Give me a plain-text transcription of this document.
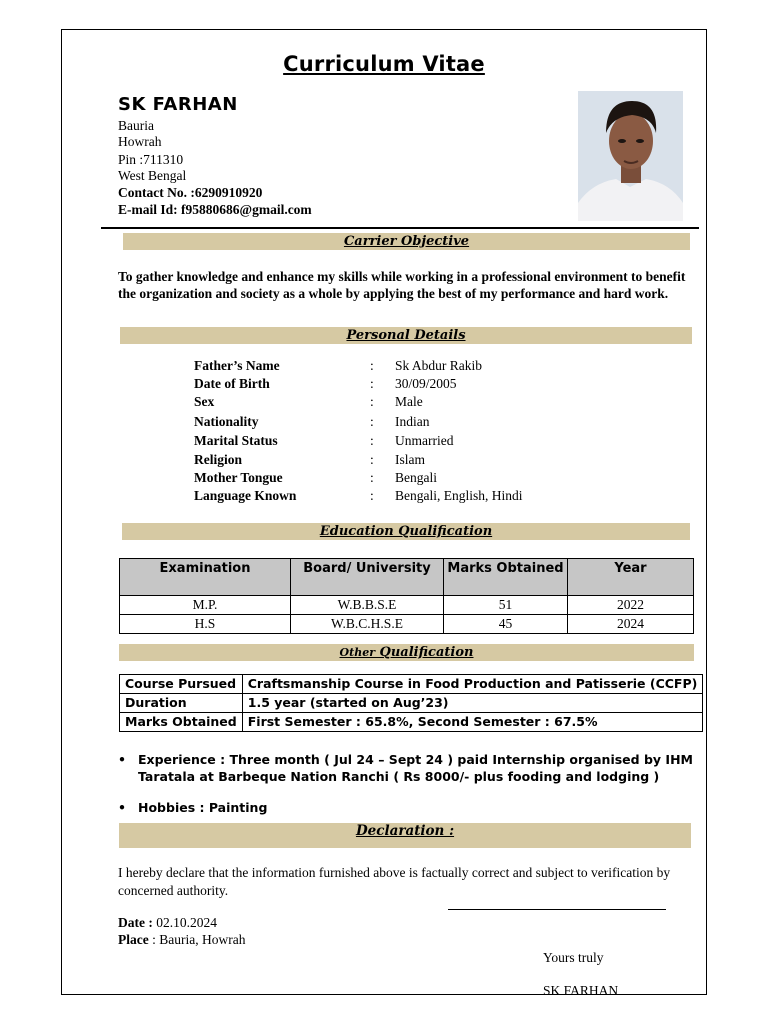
Curriculum Vitae
SK FARHAN
Bauria
Howrah
Pin :711310
West Bengal
Contact No. :6290910920
E-mail Id: f95880686@gmail.com
Carrier Objective
To gather knowledge and enhance my skills while working in a professional environment to benefit the organization and society as a whole by applying the best of my performance and hard work.
Personal Details
Father’s Name	: Sk Abdur Rakib
Date of Birth	: 30/09/2005
Sex	: Male
Nationality	: Indian
Marital Status	: Unmarried
Religion	: Islam
Mother Tongue	: Bengali
Language Known	: Bengali, English, Hindi
Education Qualification
Examination	Board/ University	Marks Obtained	Year
M.P.	W.B.B.S.E	51	2022
H.S	W.B.C.H.S.E	45	2024
Other Qualification
Course Pursued	Craftsmanship Course in Food Production and Patisserie (CCFP)
Duration	1.5 year (started on Aug’23)
Marks Obtained	First Semester : 65.8%, Second Semester : 67.5%
• Experience : Three month ( Jul 24 – Sept 24 ) paid Internship organised by IHM Taratala at Barbeque Nation Ranchi ( Rs 8000/- plus fooding and lodging )
• Hobbies : Painting
Declaration :
I hereby declare that the information furnished above is factually correct and subject to verification by concerned authority.
Date : 02.10.2024
Place : Bauria, Howrah
Yours truly
SK FARHAN
